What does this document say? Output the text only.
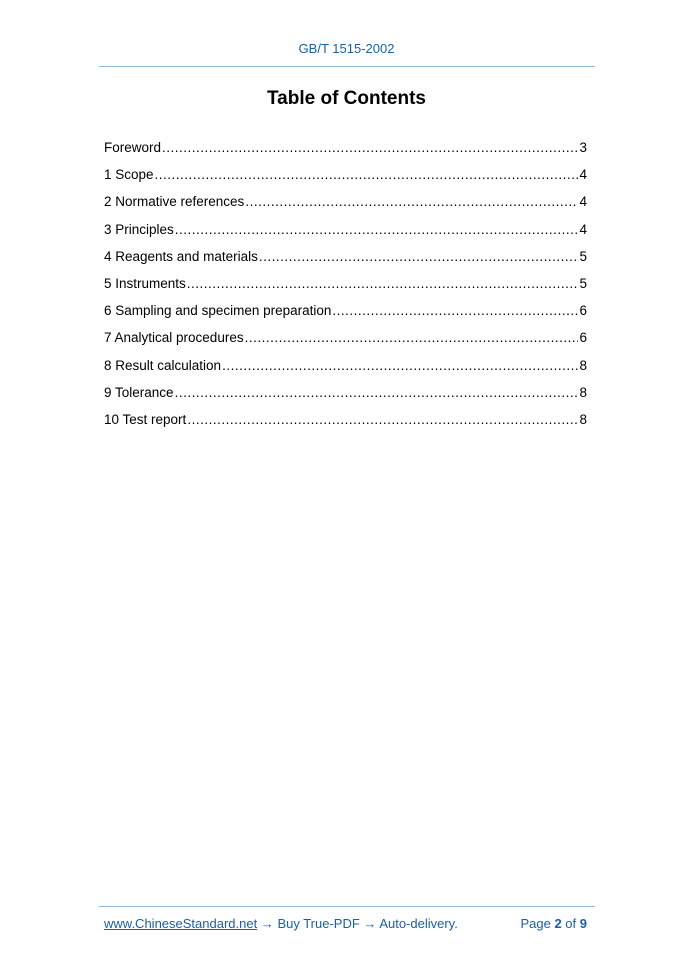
GB/T 1515-2002
Table of Contents
Foreword .....	3
1 Scope .....	4
2 Normative references .....	4
3 Principles .....	4
4 Reagents and materials .....	5
5 Instruments .....	5
6 Sampling and specimen preparation .....	6
7 Analytical procedures .....	6
8 Result calculation .....	8
9 Tolerance .....	8
10 Test report .....	8
www.ChineseStandard.net → Buy True-PDF → Auto-delivery.	Page 2 of 9
